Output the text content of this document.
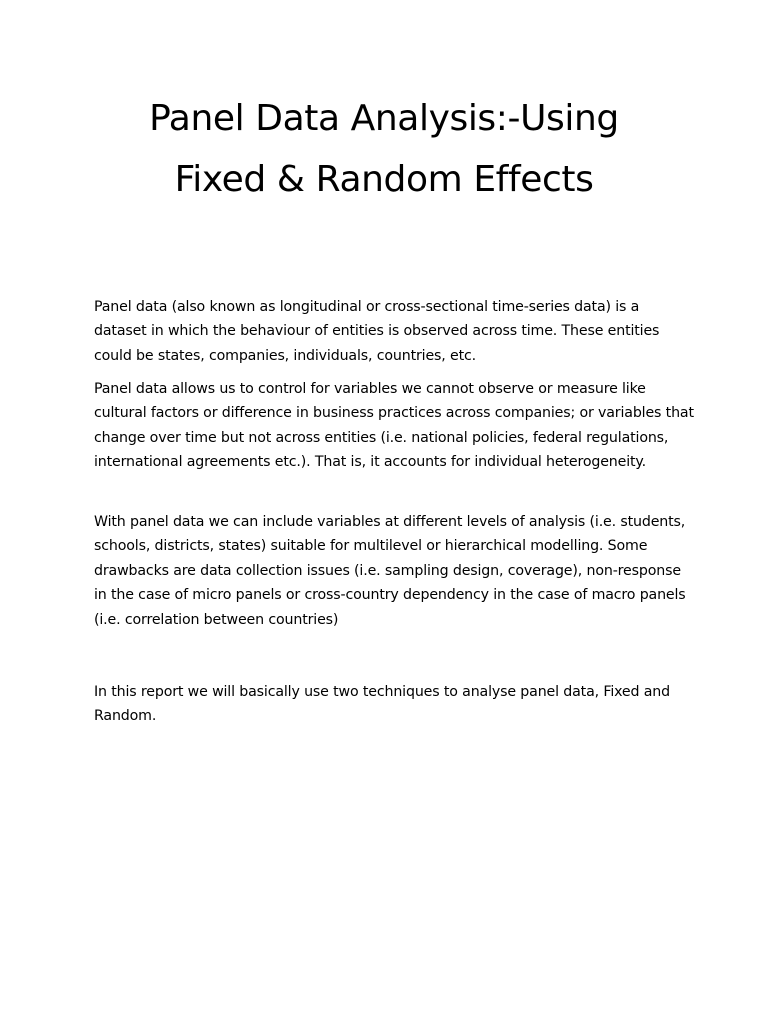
Panel Data Analysis:-Using
Fixed & Random Effects

Panel data (also known as longitudinal or cross-sectional time-series data) is a dataset in which the behaviour of entities is observed across time. These entities could be states, companies, individuals, countries, etc.

Panel data allows us to control for variables we cannot observe or measure like cultural factors or difference in business practices across companies; or variables that change over time but not across entities (i.e. national policies, federal regulations, international agreements etc.). That is, it accounts for individual heterogeneity.

With panel data we can include variables at different levels of analysis (i.e. students, schools, districts, states) suitable for multilevel or hierarchical modelling. Some drawbacks are data collection issues (i.e. sampling design, coverage), non-response in the case of micro panels or cross-country dependency in the case of macro panels (i.e. correlation between countries)

In this report we will basically use two techniques to analyse panel data, Fixed and Random.
